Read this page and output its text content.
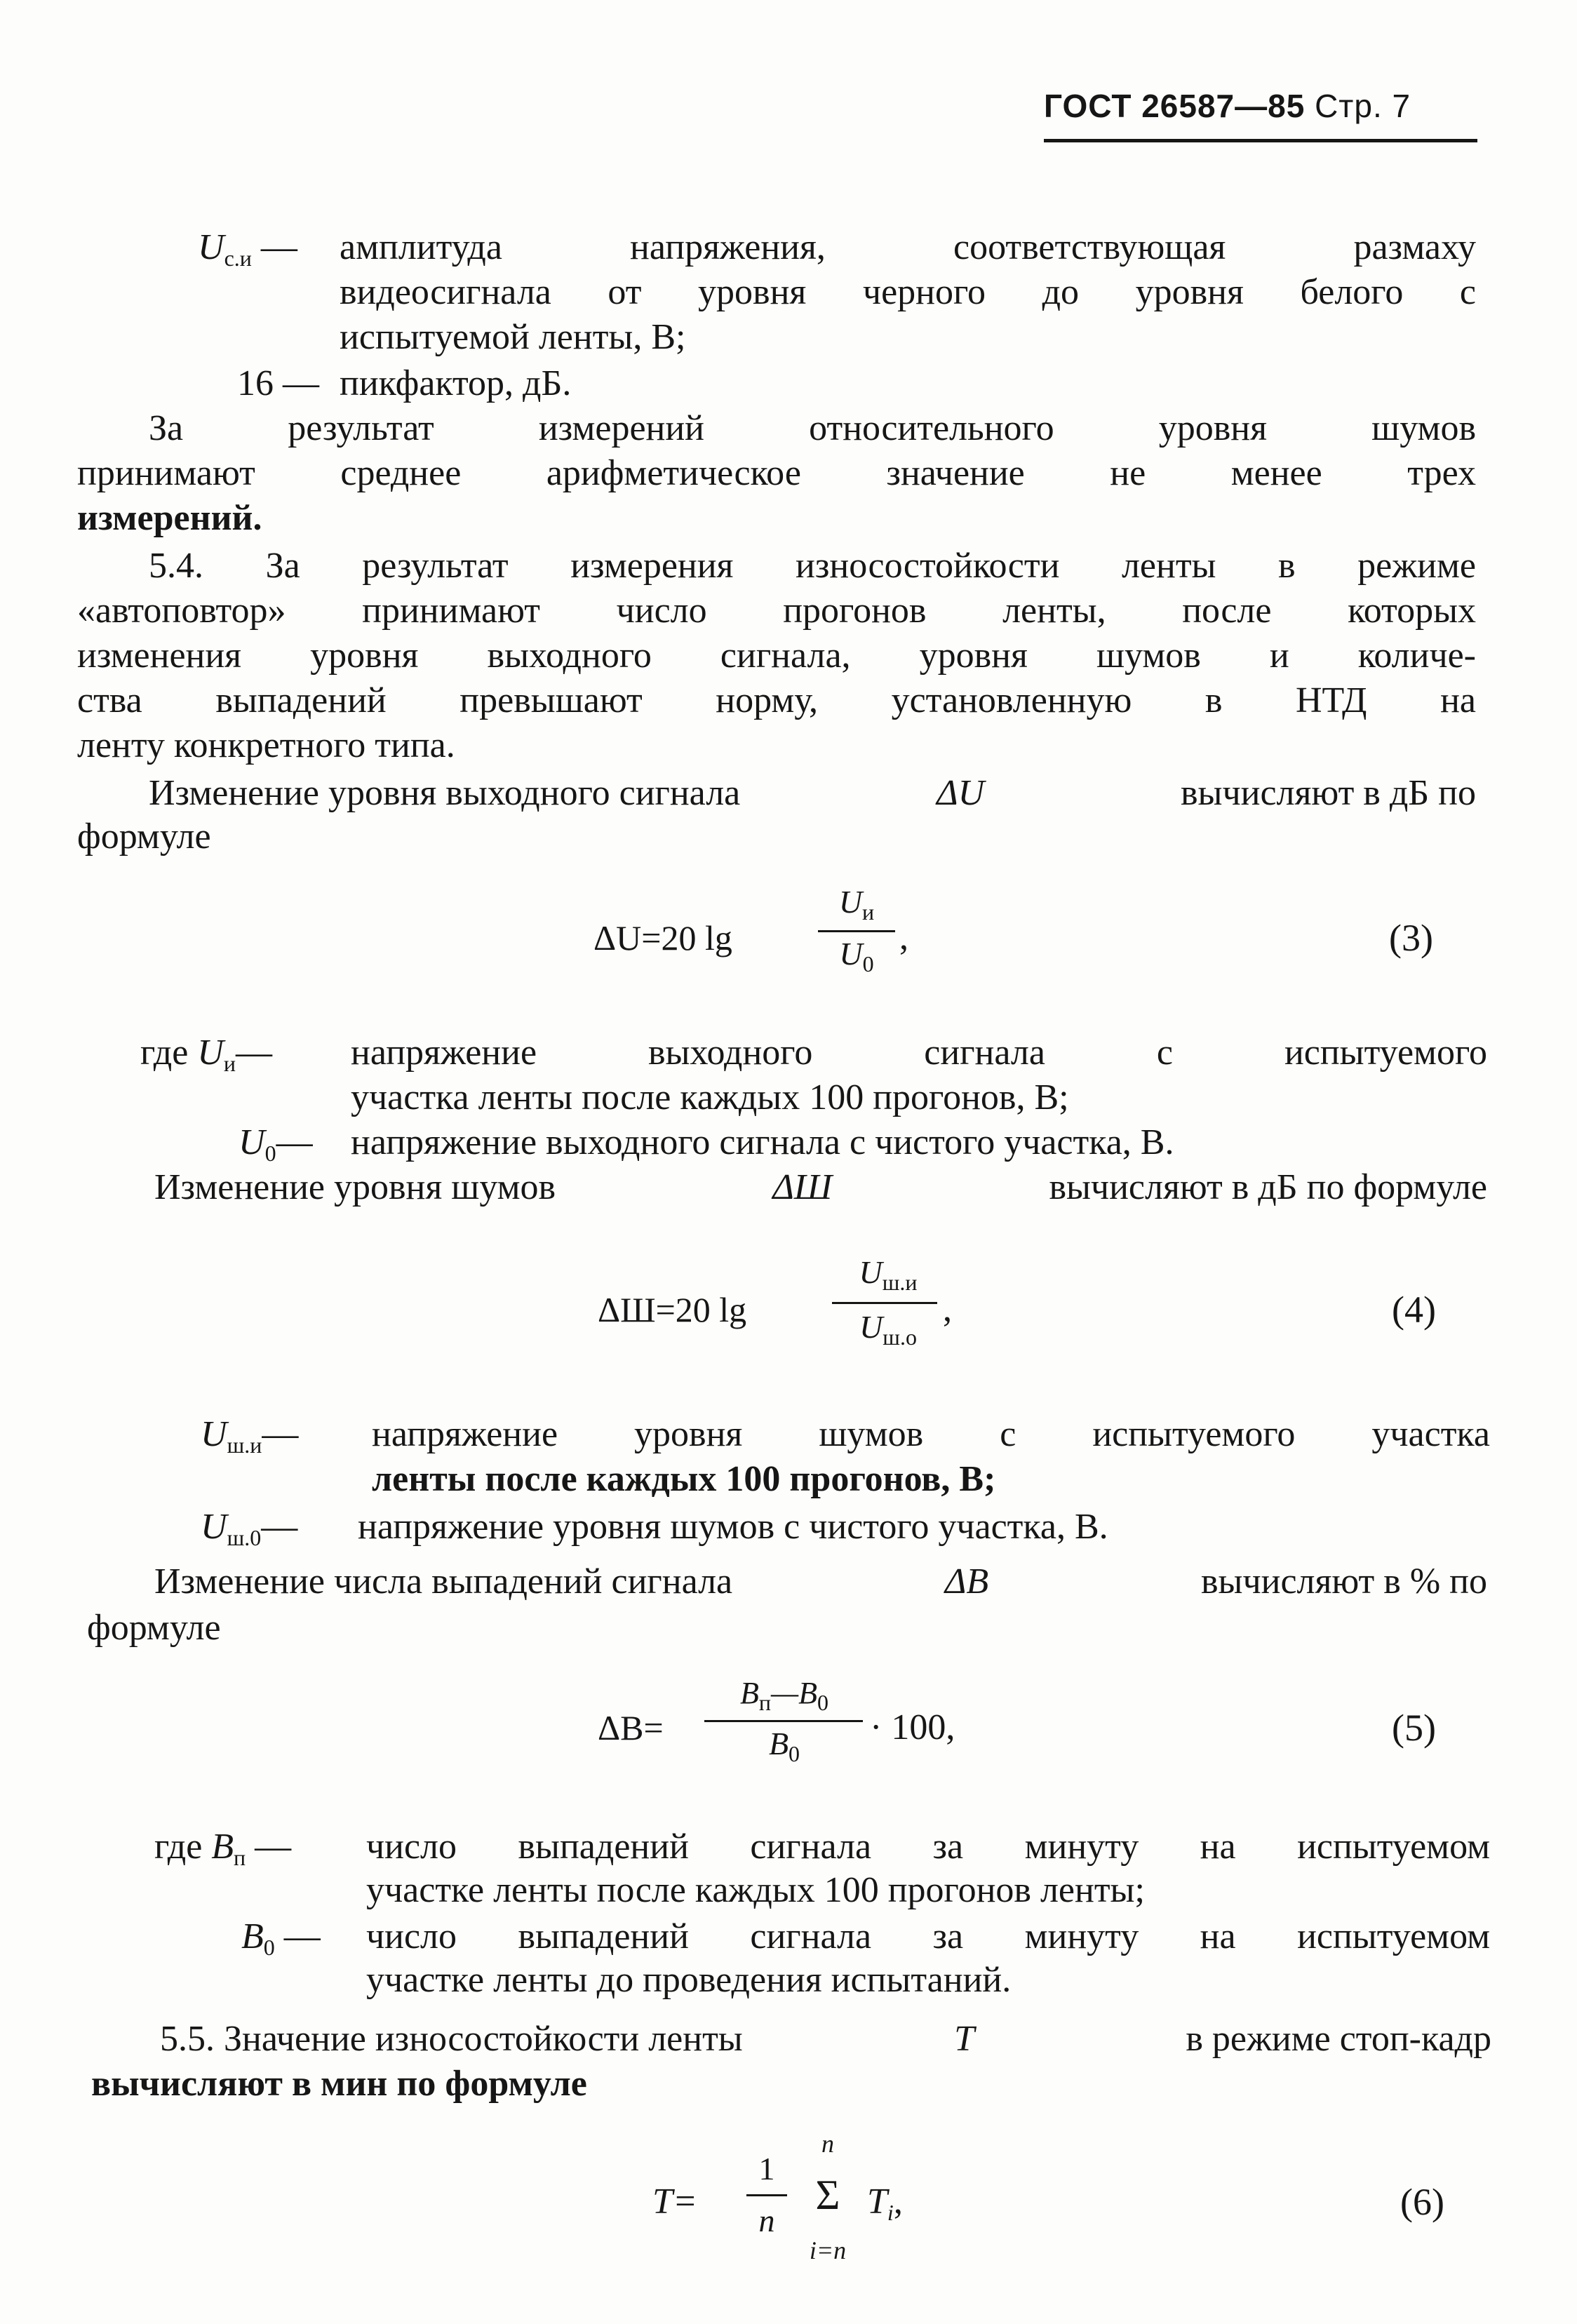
ГОСТ 26587—85 Стр. 7
$U_{с.и}$ — амплитуда напряжения, соответствующая размаху
видеосигнала от уровня черного до уровня белого с
испытуемой ленты, В;
16 — пикфактор, дБ.
За результат измерений относительного уровня шумов
принимают среднее арифметическое значение не менее трех
измерений.
5.4. За результат измерения износостойкости ленты в режиме
«автоповтор» принимают число прогонов ленты, после которых
изменения уровня выходного сигнала, уровня шумов и количе-
ства выпадений превышают норму, установленную в НТД на
ленту конкретного типа.
Изменение уровня выходного сигнала	ΔU	вычисляют в дБ по
формуле
ΔU=20 lg
$U_и$
$U_0$
,	(3)
где $U_и—$ напряжение выходного сигнала с испытуемого
участка ленты после каждых 100 прогонов, В;
$U_0—$ напряжение выходного сигнала с чистого участка, В.
Изменение уровня шумов	ΔШ	вычисляют в дБ по формуле
ΔШ=20 lg
$U_{ш.и}$
$U_{ш.о}$
,	(4)
$U_{ш.и}—$ напряжение уровня шумов с испытуемого участка
ленты после каждых 100 прогонов, В;
$U_{ш.0}—$ напряжение уровня шумов с чистого участка, В.
Изменение числа выпадений сигнала	ΔB	вычисляют в % по
формуле
ΔB=
$B_п—B_0$
$B_0$
· 100,	(5)
где $B_п$ — число выпадений сигнала за минуту на испытуемом
участке ленты после каждых 100 прогонов ленты;
$B_0$ — число выпадений сигнала за минуту на испытуемом
участке ленты до проведения испытаний.
5.5. Значение износостойкости ленты	T	в режиме стоп-кадр
вычисляют в мин по формуле
T=
1
n
n
Σ
i=п
$T_i$,	(6)
